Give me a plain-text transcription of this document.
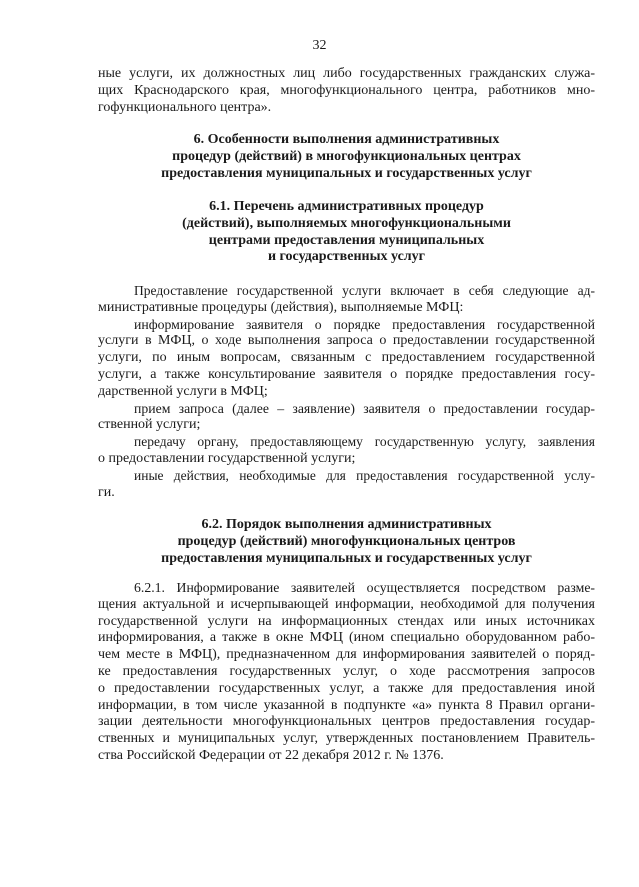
32
ные услуги, их должностных лиц либо государственных гражданских служа-
щих Краснодарского края, многофункционального центра, работников мно-
гофункционального центра».
6. Особенности выполнения административных
процедур (действий) в многофункциональных центрах
предоставления муниципальных и государственных услуг
6.1. Перечень административных процедур
(действий), выполняемых многофункциональными
центрами предоставления муниципальных
и государственных услуг
Предоставление государственной услуги включает в себя следующие ад-
министративные процедуры (действия), выполняемые МФЦ:
информирование заявителя о порядке предоставления государственной
услуги в МФЦ, о ходе выполнения запроса о предоставлении государственной
услуги, по иным вопросам, связанным с предоставлением государственной
услуги, а также консультирование заявителя о порядке предоставления госу-
дарственной услуги в МФЦ;
прием запроса (далее – заявление) заявителя о предоставлении государ-
ственной услуги;
передачу органу, предоставляющему государственную услугу, заявления
о предоставлении государственной услуги;
иные действия, необходимые для предоставления государственной услу-
ги.
6.2. Порядок выполнения административных
процедур (действий) многофункциональных центров
предоставления муниципальных и государственных услуг
6.2.1. Информирование заявителей осуществляется посредством разме-
щения актуальной и исчерпывающей информации, необходимой для получения
государственной услуги на информационных стендах или иных источниках
информирования, а также в окне МФЦ (ином специально оборудованном рабо-
чем месте в МФЦ), предназначенном для информирования заявителей о поряд-
ке предоставления государственных услуг, о ходе рассмотрения запросов
о предоставлении государственных услуг, а также для предоставления иной
информации, в том числе указанной в подпункте «а» пункта 8 Правил органи-
зации деятельности многофункциональных центров предоставления государ-
ственных и муниципальных услуг, утвержденных постановлением Правитель-
ства Российской Федерации от 22 декабря 2012 г. № 1376.
